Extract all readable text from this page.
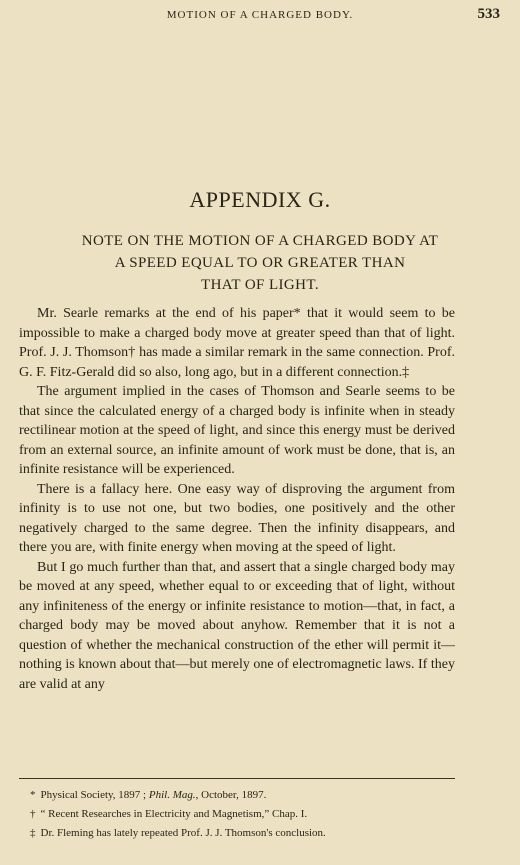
MOTION OF A CHARGED BODY.	533
APPENDIX G.
NOTE ON THE MOTION OF A CHARGED BODY AT
A SPEED EQUAL TO OR GREATER THAN
THAT OF LIGHT.

Mr. Searle remarks at the end of his paper* that it would seem to be impossible to make a charged body move at greater speed than that of light. Prof. J. J. Thomson† has made a similar remark in the same connection. Prof. G. F. Fitz-Gerald did so also, long ago, but in a different connection.‡

The argument implied in the cases of Thomson and Searle seems to be that since the calculated energy of a charged body is infinite when in steady rectilinear motion at the speed of light, and since this energy must be derived from an external source, an infinite amount of work must be done, that is, an infinite resistance will be experienced.

There is a fallacy here. One easy way of disproving the argument from infinity is to use not one, but two bodies, one positively and the other negatively charged to the same degree. Then the infinity disappears, and there you are, with finite energy when moving at the speed of light.

But I go much further than that, and assert that a single charged body may be moved at any speed, whether equal to or exceeding that of light, without any infiniteness of the energy or infinite resistance to motion—that, in fact, a charged body may be moved about anyhow. Remember that it is not a question of whether the mechanical construction of the ether will permit it—nothing is known about that—but merely one of electromagnetic laws. If they are valid at any

* Physical Society, 1897 ; Phil. Mag., October, 1897.
† “ Recent Researches in Electricity and Magnetism,” Chap. I.
‡ Dr. Fleming has lately repeated Prof. J. J. Thomson's conclusion.
